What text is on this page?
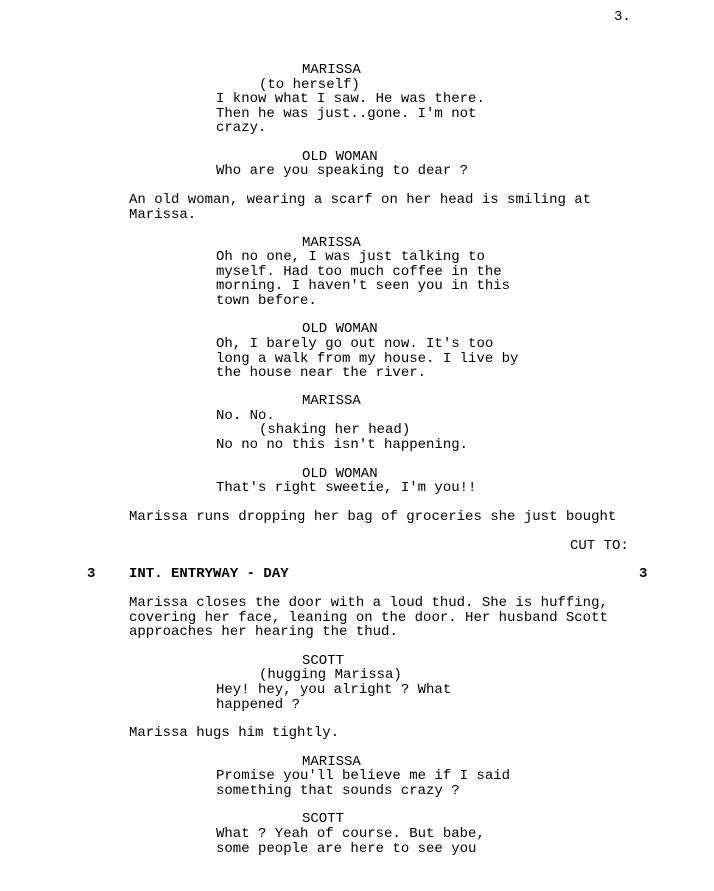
3.
MARISSA
(to herself)
I know what I saw. He was there.
Then he was just..gone. I'm not
crazy.
OLD WOMAN
Who are you speaking to dear ?
An old woman, wearing a scarf on her head is smiling at
Marissa.
MARISSA
Oh no one, I was just talking to
myself. Had too much coffee in the
morning. I haven't seen you in this
town before.
OLD WOMAN
Oh, I barely go out now. It's too
long a walk from my house. I live by
the house near the river.
MARISSA
No. No.
(shaking her head)
No no no this isn't happening.
OLD WOMAN
That's right sweetie, I'm you!!
Marissa runs dropping her bag of groceries she just bought
CUT TO:
3 INT. ENTRYWAY - DAY	3
Marissa closes the door with a loud thud. She is huffing,
covering her face, leaning on the door. Her husband Scott
approaches her hearing the thud.
SCOTT
(hugging Marissa)
Hey! hey, you alright ? What
happened ?
Marissa hugs him tightly.
MARISSA
Promise you'll believe me if I said
something that sounds crazy ?
SCOTT
What ? Yeah of course. But babe,
some people are here to see you
